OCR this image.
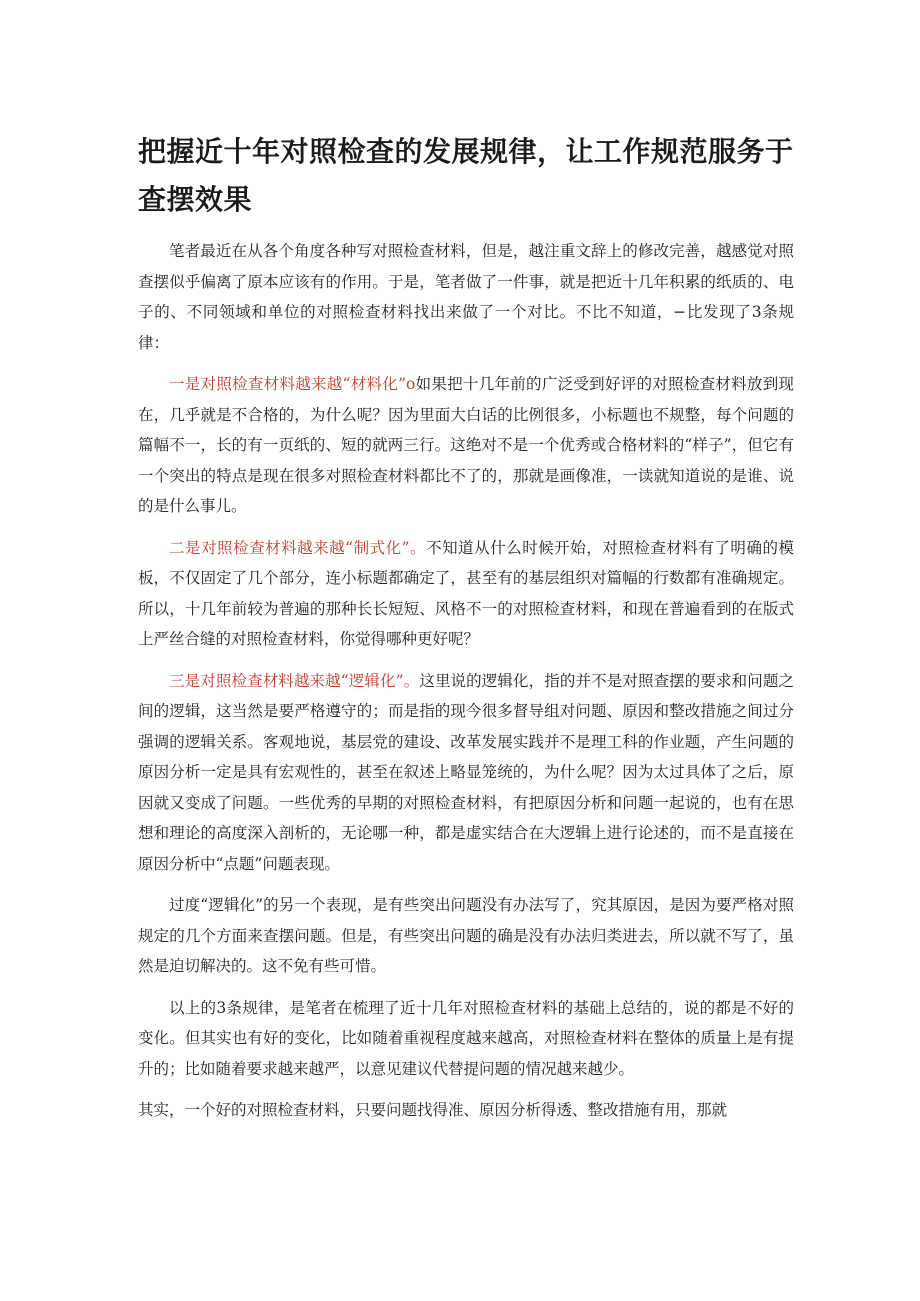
把握近十年对照检查的发展规律，让工作规范服务于查摆效果

笔者最近在从各个角度各种写对照检查材料，但是，越注重文辞上的修改完善，越感觉对照查摆似乎偏离了原本应该有的作用。于是，笔者做了一件事，就是把近十几年积累的纸质的、电子的、不同领域和单位的对照检查材料找出来做了一个对比。不比不知道，−比发现了3条规律：

一是对照检查材料越来越“材料化”o如果把十几年前的广泛受到好评的对照检查材料放到现在，几乎就是不合格的，为什么呢？因为里面大白话的比例很多，小标题也不规整，每个问题的篇幅不一，长的有一页纸的、短的就两三行。这绝对不是一个优秀或合格材料的“样子”，但它有一个突出的特点是现在很多对照检查材料都比不了的，那就是画像准，一读就知道说的是谁、说的是什么事儿。

二是对照检查材料越来越“制式化”。不知道从什么时候开始，对照检查材料有了明确的模板，不仅固定了几个部分，连小标题都确定了，甚至有的基层组织对篇幅的行数都有准确规定。所以，十几年前较为普遍的那种长长短短、风格不一的对照检查材料，和现在普遍看到的在版式上严丝合缝的对照检查材料，你觉得哪种更好呢？

三是对照检查材料越来越“逻辑化”。这里说的逻辑化，指的并不是对照查摆的要求和问题之间的逻辑，这当然是要严格遵守的；而是指的现今很多督导组对问题、原因和整改措施之间过分强调的逻辑关系。客观地说，基层党的建设、改革发展实践并不是理工科的作业题，产生问题的原因分析一定是具有宏观性的，甚至在叙述上略显笼统的，为什么呢？因为太过具体了之后，原因就又变成了问题。一些优秀的早期的对照检查材料，有把原因分析和问题一起说的，也有在思想和理论的高度深入剖析的，无论哪一种，都是虚实结合在大逻辑上进行论述的，而不是直接在原因分析中“点题”问题表现。

过度“逻辑化”的另一个表现，是有些突出问题没有办法写了，究其原因，是因为要严格对照规定的几个方面来查摆问题。但是，有些突出问题的确是没有办法归类进去，所以就不写了，虽然是迫切解决的。这不免有些可惜。

以上的3条规律，是笔者在梳理了近十几年对照检查材料的基础上总结的，说的都是不好的变化。但其实也有好的变化，比如随着重视程度越来越高，对照检查材料在整体的质量上是有提升的；比如随着要求越来越严，以意见建议代替提问题的情况越来越少。

其实，一个好的对照检查材料，只要问题找得准、原因分析得透、整改措施有用，那就
